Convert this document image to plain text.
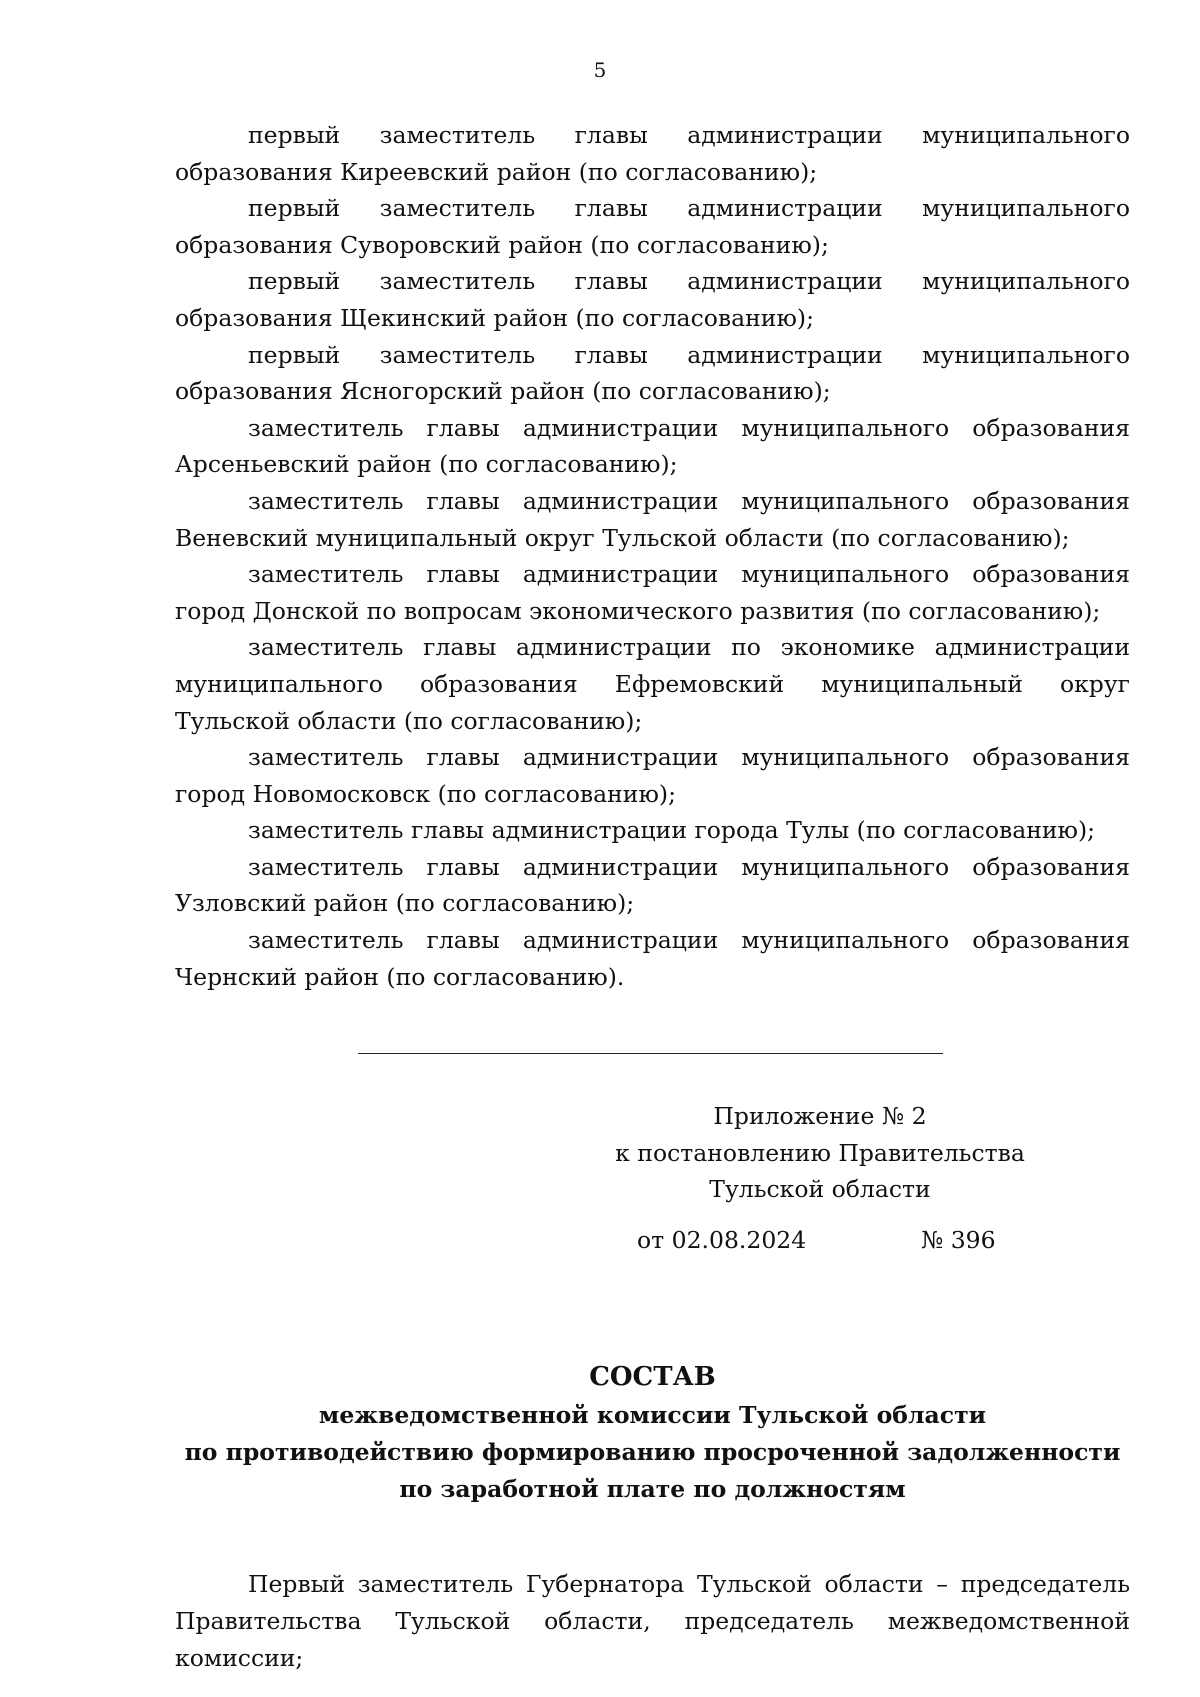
5

первый заместитель главы администрации муниципального образования Киреевский район (по согласованию);

первый заместитель главы администрации муниципального образования Суворовский район (по согласованию);

первый заместитель главы администрации муниципального образования Щекинский район (по согласованию);

первый заместитель главы администрации муниципального образования Ясногорский район (по согласованию);

заместитель главы администрации муниципального образования Арсеньевский район (по согласованию);

заместитель главы администрации муниципального образования Веневский муниципальный округ Тульской области (по согласованию);

заместитель главы администрации муниципального образования город Донской по вопросам экономического развития (по согласованию);

заместитель главы администрации по экономике администрации муниципального образования Ефремовский муниципальный округ Тульской области (по согласованию);

заместитель главы администрации муниципального образования город Новомосковск (по согласованию);

заместитель главы администрации города Тулы (по согласованию);

заместитель главы администрации муниципального образования Узловский район (по согласованию);

заместитель главы администрации муниципального образования Чернский район (по согласованию).

Приложение № 2
к постановлению Правительства
Тульской области
от 02.08.2024	№ 396
СОСТАВ
межведомственной комиссии Тульской области
по противодействию формированию просроченной задолженности
по заработной плате по должностям

Первый заместитель Губернатора Тульской области – председатель Правительства Тульской области, председатель межведомственной комиссии;
